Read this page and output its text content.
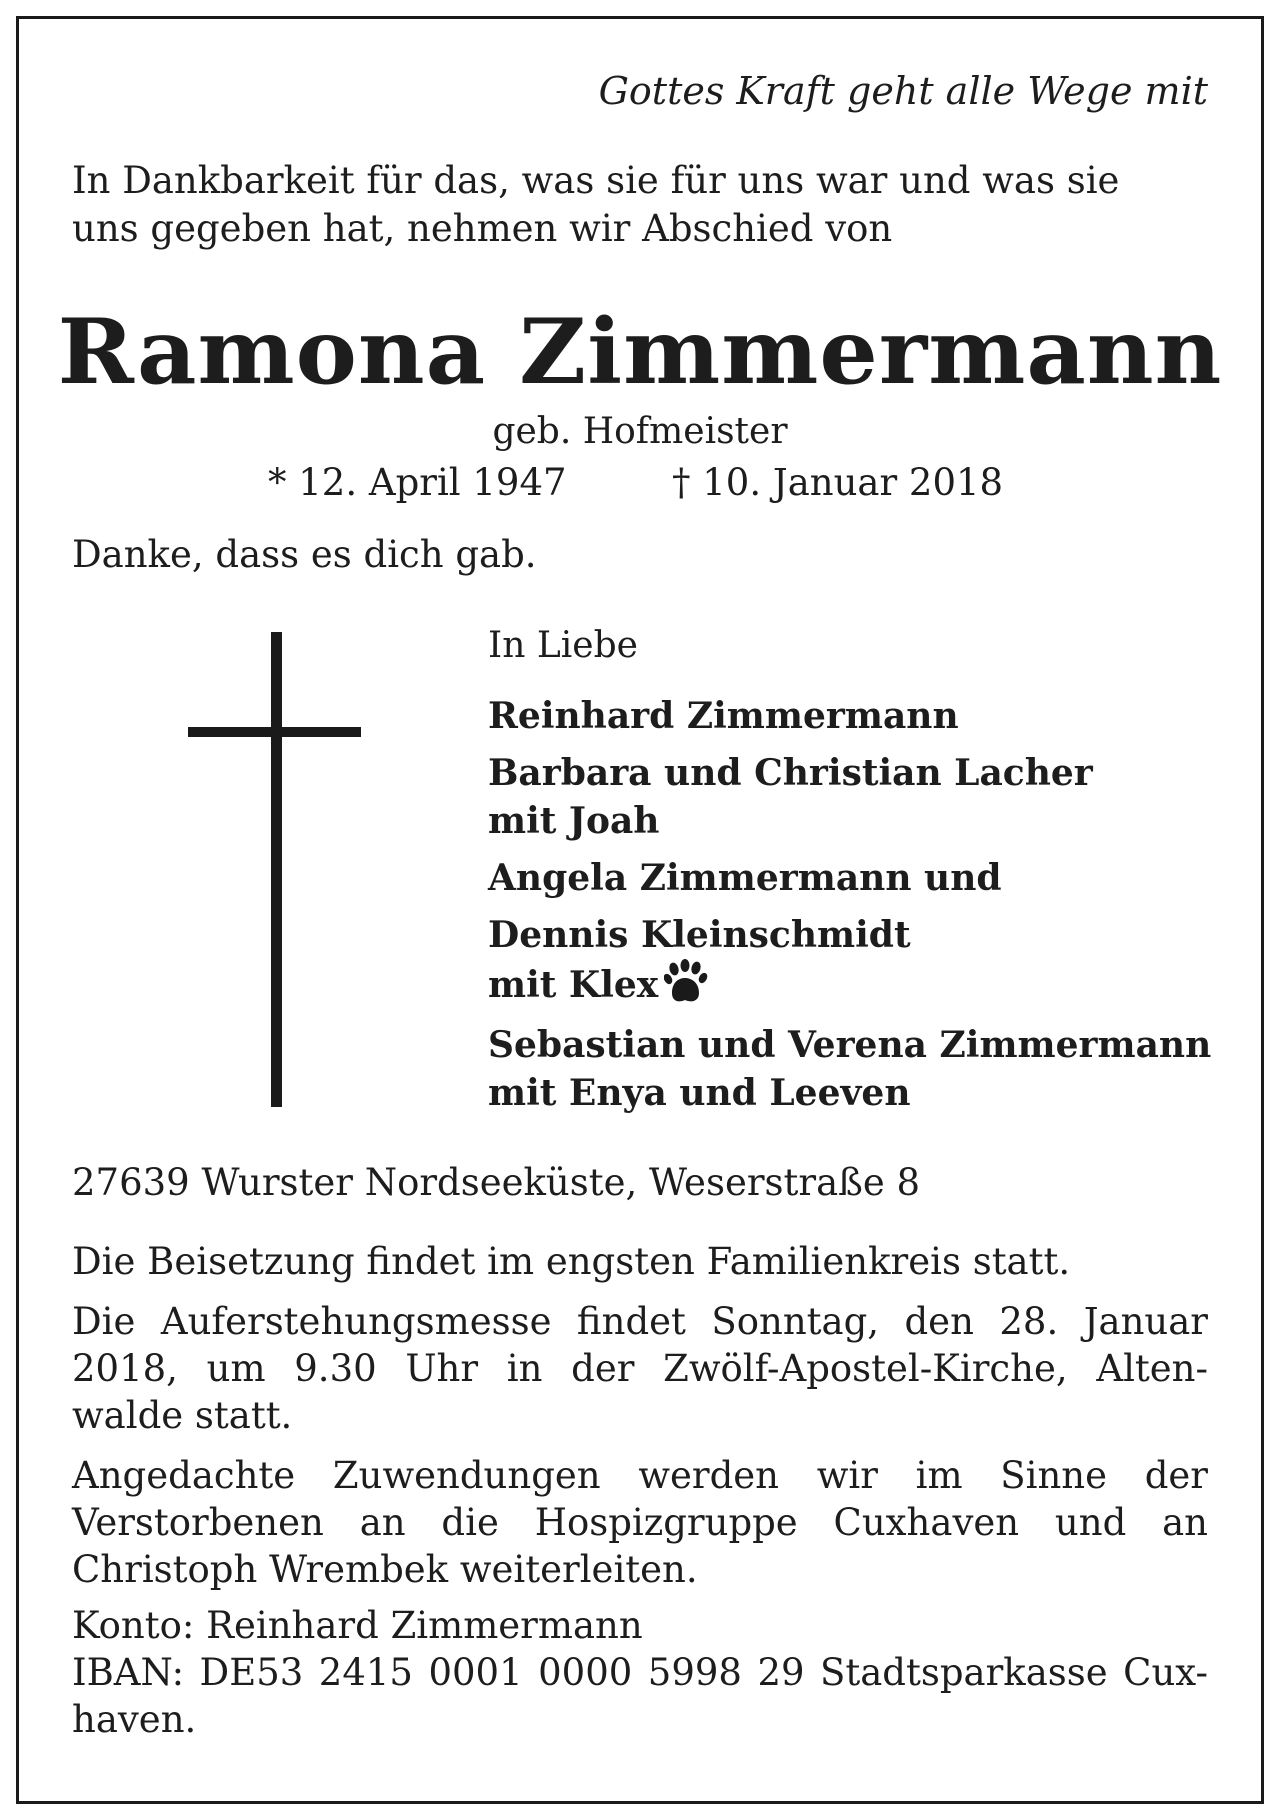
Gottes Kraft geht alle Wege mit
In Dankbarkeit für das, was sie für uns war und was sie
uns gegeben hat, nehmen wir Abschied von
Ramona Zimmermann
geb. Hofmeister
* 12. April 1947	† 10. Januar 2018
Danke, dass es dich gab.
In Liebe
Reinhard Zimmermann
Barbara und Christian Lacher
mit Joah
Angela Zimmermann und
Dennis Kleinschmidt
mit Klex
Sebastian und Verena Zimmermann
mit Enya und Leeven
27639 Wurster Nordseeküste, Weserstraße 8
Die Beisetzung findet im engsten Familienkreis statt.
Die Auferstehungsmesse findet Sonntag, den 28. Januar
2018, um 9.30 Uhr in der Zwölf-Apostel-Kirche, Alten-
walde statt.
Angedachte Zuwendungen werden wir im Sinne der
Verstorbenen an die Hospizgruppe Cuxhaven und an
Christoph Wrembek weiterleiten.
Konto: Reinhard Zimmermann
IBAN: DE53 2415 0001 0000 5998 29 Stadtsparkasse Cux-
haven.
